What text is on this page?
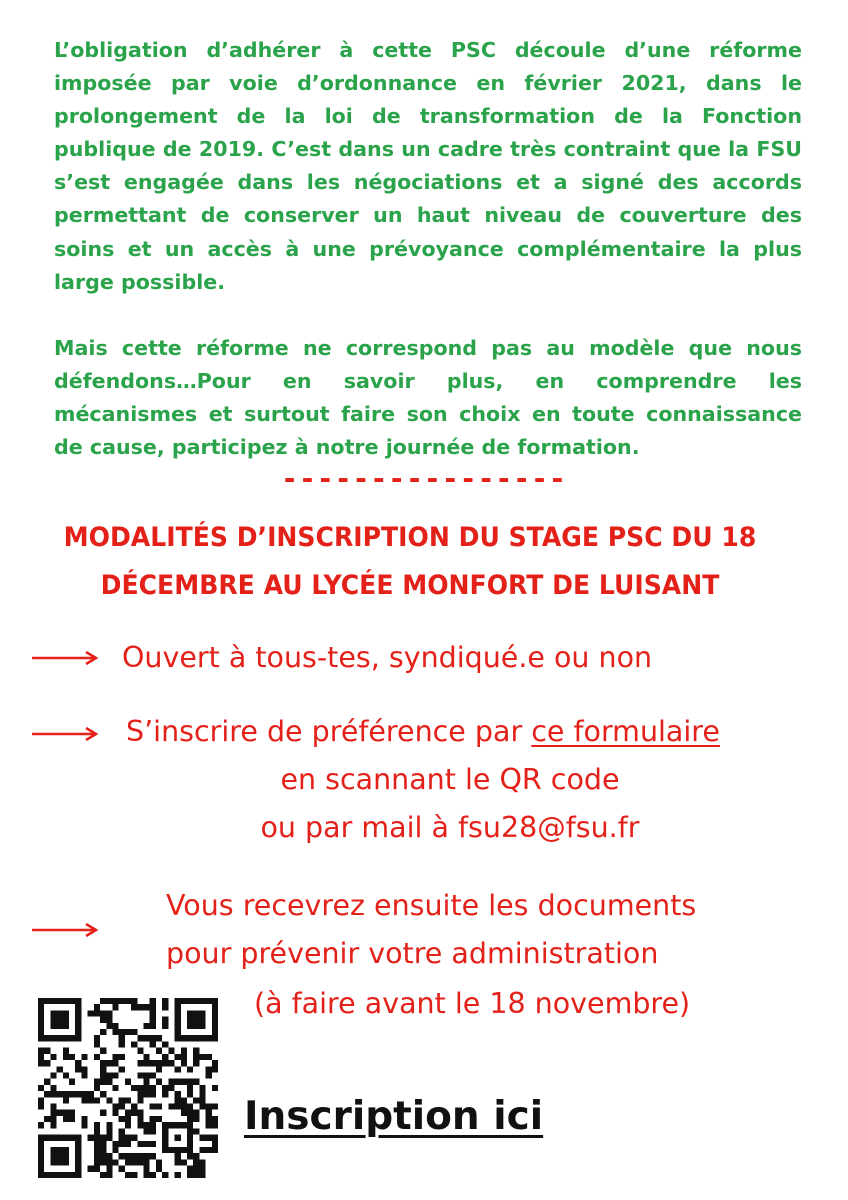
L’obligation d’adhérer à cette PSC découle d’une réforme imposée par voie d’ordonnance en février 2021, dans le prolongement de la loi de transformation de la Fonction publique de 2019. C’est dans un cadre très contraint que la FSU s’est engagée dans les négociations et a signé des accords permettant de conserver un haut niveau de couverture des soins et un accès à une prévoyance complémentaire la plus large possible.

Mais cette réforme ne correspond pas au modèle que nous défendons…Pour en savoir plus, en comprendre les mécanismes et surtout faire son choix en toute connaissance de cause, participez à notre journée de formation.

----------------
MODALITÉS D’INSCRIPTION DU STAGE PSC DU 18
DÉCEMBRE AU LYCÉE MONFORT DE LUISANT
Ouvert à tous-tes, syndiqué.e ou non
S’inscrire de préférence par ce formulaire
en scannant le QR code
ou par mail à fsu28@fsu.fr
Vous recevrez ensuite les documents
pour prévenir votre administration
(à faire avant le 18 novembre)
Inscription ici
